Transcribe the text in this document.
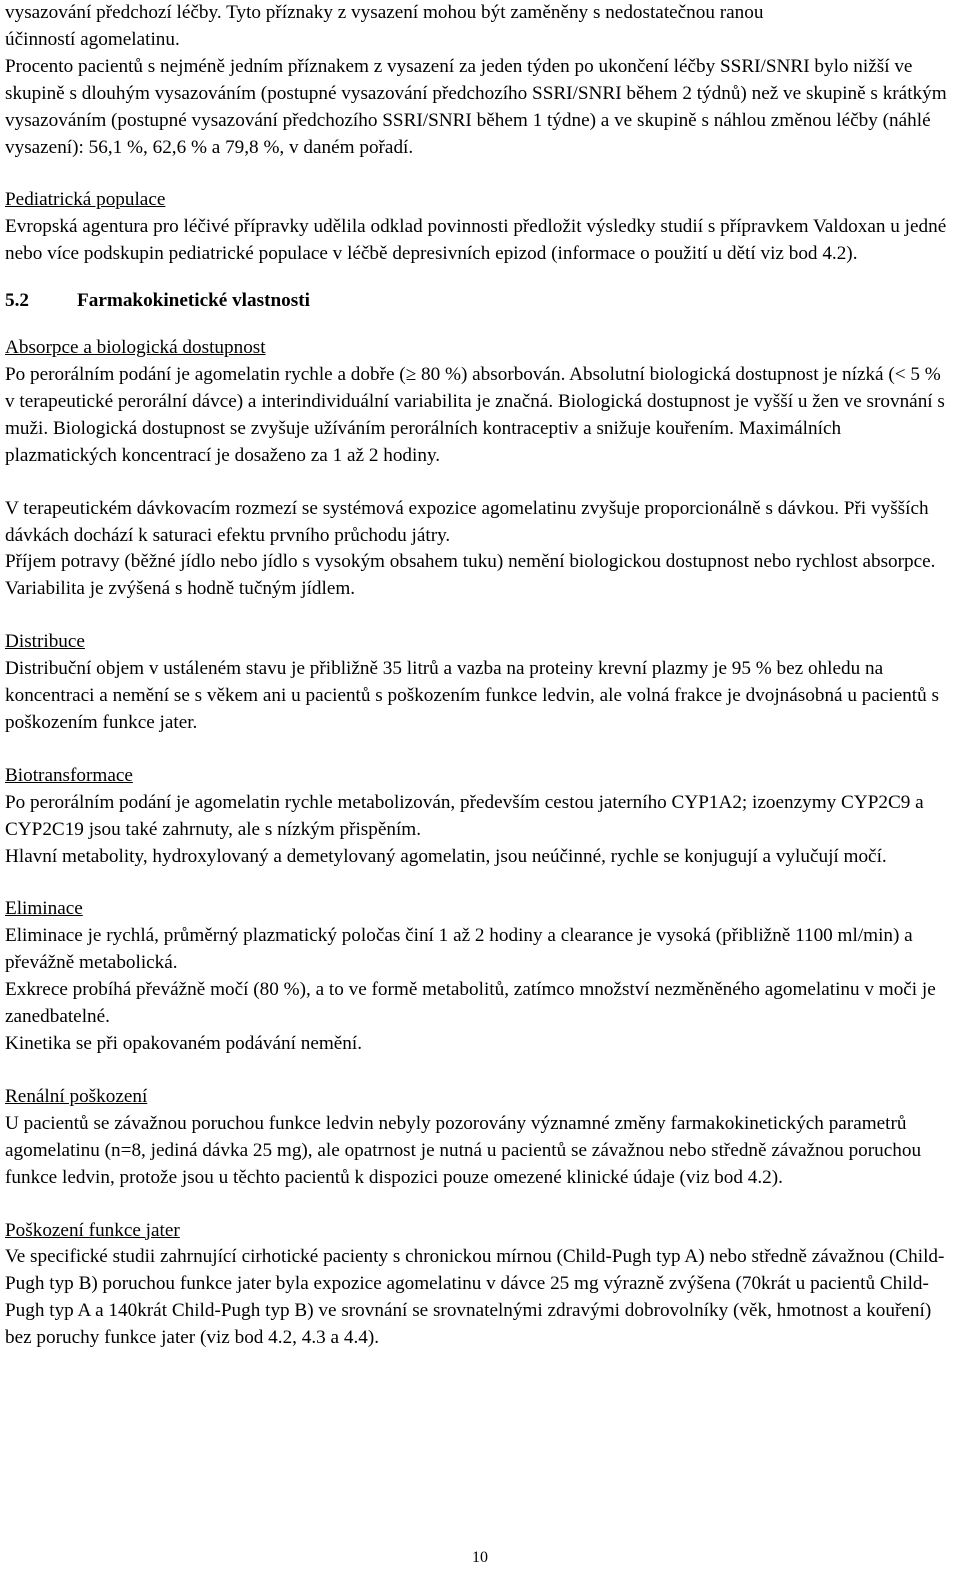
vysazování předchozí léčby. Tyto příznaky z vysazení mohou být zaměněny s nedostatečnou ranou

účinností agomelatinu.

Procento pacientů s nejméně jedním příznakem z vysazení za jeden týden po ukončení léčby SSRI/SNRI bylo nižší ve skupině s dlouhým vysazováním (postupné vysazování předchozího SSRI/SNRI během 2 týdnů) než ve skupině s krátkým vysazováním (postupné vysazování předchozího SSRI/SNRI během 1 týdne) a ve skupině s náhlou změnou léčby (náhlé vysazení): 56,1 %, 62,6 % a 79,8 %, v daném pořadí.

Pediatrická populace

Evropská agentura pro léčivé přípravky udělila odklad povinnosti předložit výsledky studií s přípravkem Valdoxan u jedné nebo více podskupin pediatrické populace v léčbě depresivních epizod (informace o použití u dětí viz bod 4.2).

5.2	Farmakokinetické vlastnosti

Absorpce a biologická dostupnost

Po perorálním podání je agomelatin rychle a dobře (≥ 80 %) absorbován. Absolutní biologická dostupnost je nízká (< 5 % v terapeutické perorální dávce) a interindividuální variabilita je značná. Biologická dostupnost je vyšší u žen ve srovnání s muži. Biologická dostupnost se zvyšuje užíváním perorálních kontraceptiv a snižuje kouřením. Maximálních plazmatických koncentrací je dosaženo za 1 až 2 hodiny.

V terapeutickém dávkovacím rozmezí se systémová expozice agomelatinu zvyšuje proporcionálně s dávkou. Při vyšších dávkách dochází k saturaci efektu prvního průchodu játry.

Příjem potravy (běžné jídlo nebo jídlo s vysokým obsahem tuku) nemění biologickou dostupnost nebo rychlost absorpce. Variabilita je zvýšená s hodně tučným jídlem.

Distribuce

Distribuční objem v ustáleném stavu je přibližně 35 litrů a vazba na proteiny krevní plazmy je 95 % bez ohledu na koncentraci a nemění se s věkem ani u pacientů s poškozením funkce ledvin, ale volná frakce je dvojnásobná u pacientů s poškozením funkce jater.

Biotransformace

Po perorálním podání je agomelatin rychle metabolizován, především cestou jaterního CYP1A2; izoenzymy CYP2C9 a CYP2C19 jsou také zahrnuty, ale s nízkým přispěním.

Hlavní metabolity, hydroxylovaný a demetylovaný agomelatin, jsou neúčinné, rychle se konjugují a vylučují močí.

Eliminace

Eliminace je rychlá, průměrný plazmatický poločas činí 1 až 2 hodiny a clearance je vysoká (přibližně 1100 ml/min) a převážně metabolická.

Exkrece probíhá převážně močí (80 %), a to ve formě metabolitů, zatímco množství nezměněného agomelatinu v moči je zanedbatelné.

Kinetika se při opakovaném podávání nemění.

Renální poškození

U pacientů se závažnou poruchou funkce ledvin nebyly pozorovány významné změny farmakokinetických parametrů agomelatinu (n=8, jediná dávka 25 mg), ale opatrnost je nutná u pacientů se závažnou nebo středně závažnou poruchou funkce ledvin, protože jsou u těchto pacientů k dispozici pouze omezené klinické údaje (viz bod 4.2).

Poškození funkce jater

Ve specifické studii zahrnující cirhotické pacienty s chronickou mírnou (Child-Pugh typ A) nebo středně závažnou (Child-Pugh typ B) poruchou funkce jater byla expozice agomelatinu v dávce 25 mg výrazně zvýšena (70krát u pacientů Child-Pugh typ A a 140krát Child-Pugh typ B) ve srovnání se srovnatelnými zdravými dobrovolníky (věk, hmotnost a kouření) bez poruchy funkce jater (viz bod 4.2, 4.3 a 4.4).

10
